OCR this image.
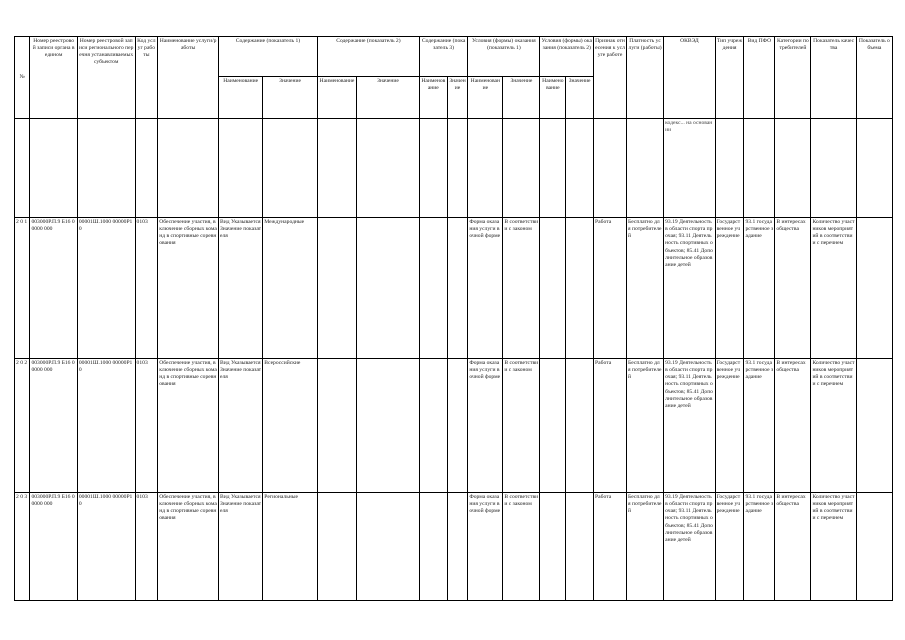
№	Номер реестрово й записи органа в едином	Номер реестровой записи регионального перечня устанавливаемых субъектом	Код услуг работы	Наименование услуги/работы	Содержание (показатель 1)		Содержание (показатель 2)		Содержание (показатель 3)		Условия (формы) оказания (показатель 1)		Условия (формы) оказания (показатель 2)		Признак отнесения к услуге работе	Платность услуги (работы)	ОКВЭД	Тип учреждения	Вид ПФО	Категории потребителей	Показатель качества	Показатель объема
					Наименование	Значение	Наименование	Значение	Наименование	Значение	Наименование	Значение	Наименование	Значение								
																	кодекс... на основании					
2 0 1	003000Р.П.9 Б16 00000 000	00001Ш.1000 00000Р10	0103	Обеспечение участия, включение сборных команд в спортивные соревнования	Вид Указывается Значение показателя	Международные					Форма оказания услуги в очной форме	В соответствии с законом			Работа	Бесплатно для потребителей	93.19 Деятельность в области спорта прочая; 93.11 Деятельность спортивных объектов; 85.41 Дополнительное образование детей	Государственное учреждение	93.1 государственное задание	В интересах общества	Количество участников мероприятий в соответствии с перечнем	
2 0 2	003000Р.П.9 Б16 00000 000	00001Ш.1000 00000Р10	0103	Обеспечение участия, включение сборных команд в спортивные соревнования	Вид Указывается Значение показателя	Всероссийские					Форма оказания услуги в очной форме	В соответствии с законом			Работа	Бесплатно для потребителей	93.19 Деятельность в области спорта прочая; 93.11 Деятельность спортивных объектов; 85.41 Дополнительное образование детей	Государственное учреждение	93.1 государственное задание	В интересах общества	Количество участников мероприятий в соответствии с перечнем	
2 0 3	003000Р.П.9 Б16 00000 000	00001Ш.1000 00000Р10	0103	Обеспечение участия, включение сборных команд в спортивные соревнования	Вид Указывается Значение показателя	Региональные					Форма оказания услуги в очной форме	В соответствии с законом			Работа	Бесплатно для потребителей	93.19 Деятельность в области спорта прочая; 93.11 Деятельность спортивных объектов; 85.41 Дополнительное образование детей	Государственное учреждение	93.1 государственное задание	В интересах общества	Количество участников мероприятий в соответствии с перечнем	
